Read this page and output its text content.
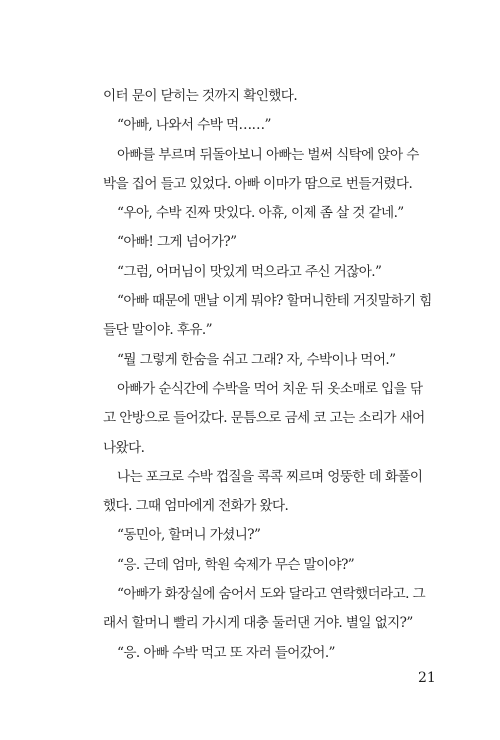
이터 문이 닫히는 것까지 확인했다.
“아빠, 나와서 수박 먹……”
아빠를 부르며 뒤돌아보니 아빠는 벌써 식탁에 앉아 수
박을 집어 들고 있었다. 아빠 이마가 땀으로 번들거렸다.
“우아, 수박 진짜 맛있다. 아휴, 이제 좀 살 것 같네.”
“아빠! 그게 넘어가?”
“그럼, 어머님이 맛있게 먹으라고 주신 거잖아.”
“아빠 때문에 맨날 이게 뭐야? 할머니한테 거짓말하기 힘
들단 말이야. 후유.”
“뭘 그렇게 한숨을 쉬고 그래? 자, 수박이나 먹어.”
아빠가 순식간에 수박을 먹어 치운 뒤 옷소매로 입을 닦
고 안방으로 들어갔다. 문틈으로 금세 코 고는 소리가 새어
나왔다.
나는 포크로 수박 껍질을 콕콕 찌르며 엉뚱한 데 화풀이
했다. 그때 엄마에게 전화가 왔다.
“동민아, 할머니 가셨니?”
“응. 근데 엄마, 학원 숙제가 무슨 말이야?”
“아빠가 화장실에 숨어서 도와 달라고 연락했더라고. 그
래서 할머니 빨리 가시게 대충 둘러댄 거야. 별일 없지?”
“응. 아빠 수박 먹고 또 자러 들어갔어.”
21
